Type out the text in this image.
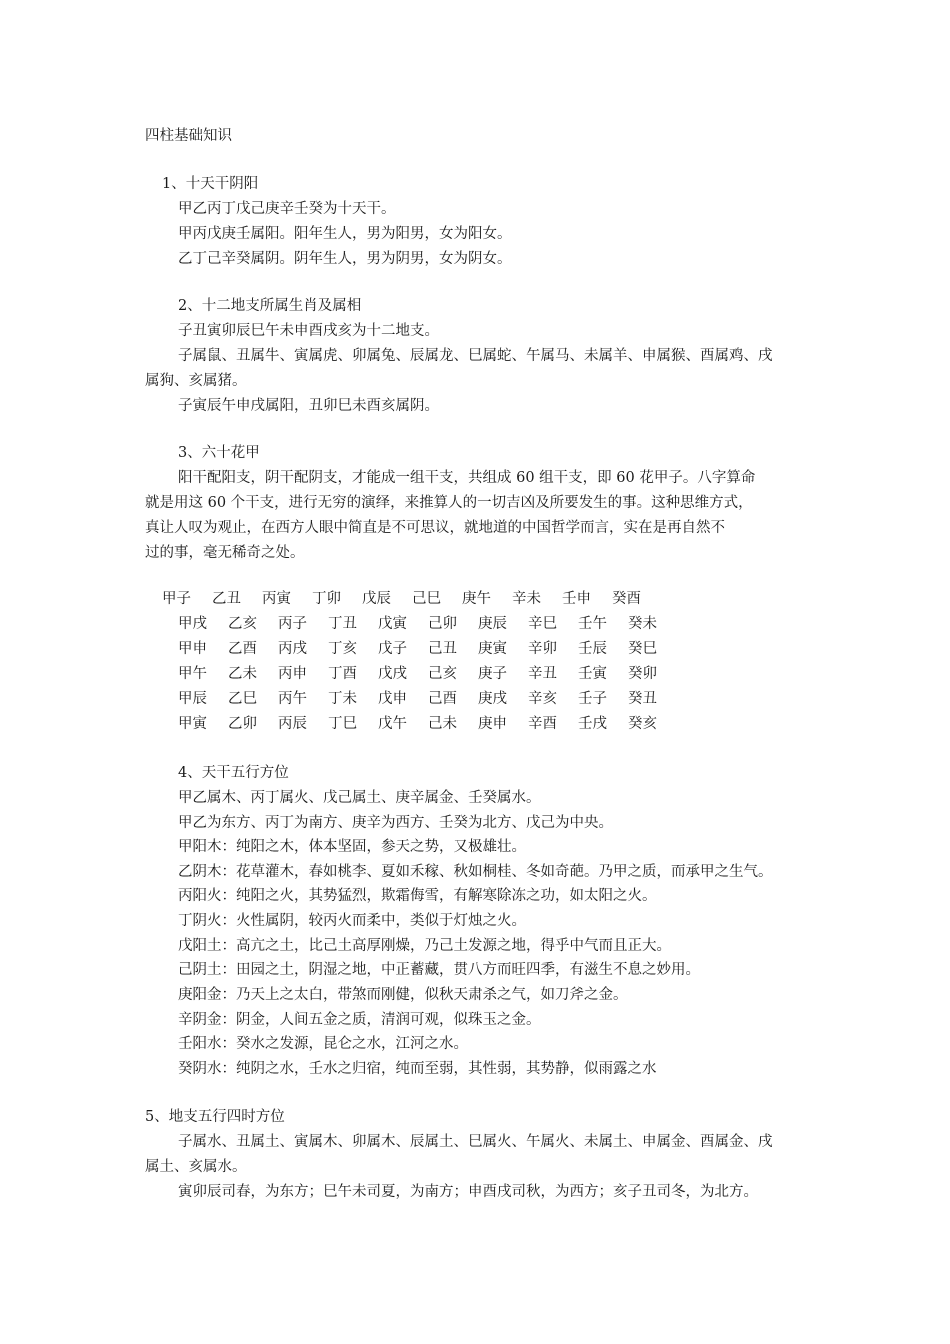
四柱基础知识
1、十天干阴阳
甲乙丙丁戊己庚辛壬癸为十天干。
甲丙戊庚壬属阳。阳年生人，男为阳男，女为阳女。
乙丁己辛癸属阴。阴年生人，男为阴男，女为阴女。
2、十二地支所属生肖及属相
子丑寅卯辰巳午未申酉戌亥为十二地支。
子属鼠、丑属牛、寅属虎、卯属兔、辰属龙、巳属蛇、午属马、未属羊、申属猴、酉属鸡、戌
属狗、亥属猪。
子寅辰午申戌属阳，丑卯巳未酉亥属阴。
3、六十花甲
阳干配阳支，阴干配阴支，才能成一组干支，共组成 60 组干支，即 60 花甲子。八字算命
就是用这 60 个干支，进行无穷的演绎，来推算人的一切吉凶及所要发生的事。这种思维方式，
真让人叹为观止，在西方人眼中简直是不可思议，就地道的中国哲学而言，实在是再自然不
过的事，毫无稀奇之处。
甲子 乙丑 丙寅 丁卯 戊辰 己巳 庚午 辛未 壬申 癸酉
甲戌 乙亥 丙子 丁丑 戊寅 己卯 庚辰 辛巳 壬午 癸未
甲申 乙酉 丙戌 丁亥 戊子 己丑 庚寅 辛卯 壬辰 癸巳
甲午 乙未 丙申 丁酉 戊戌 己亥 庚子 辛丑 壬寅 癸卯
甲辰 乙巳 丙午 丁未 戊申 己酉 庚戌 辛亥 壬子 癸丑
甲寅 乙卯 丙辰 丁巳 戊午 己未 庚申 辛酉 壬戌 癸亥
4、天干五行方位
甲乙属木、丙丁属火、戊己属土、庚辛属金、壬癸属水。
甲乙为东方、丙丁为南方、庚辛为西方、壬癸为北方、戊己为中央。
甲阳木：纯阳之木，体本坚固，参天之势，又极雄壮。
乙阴木：花草灌木，春如桃李、夏如禾稼、秋如桐桂、冬如奇葩。乃甲之质，而承甲之生气。
丙阳火：纯阳之火，其势猛烈，欺霜侮雪，有解寒除冻之功，如太阳之火。
丁阴火：火性属阴，较丙火而柔中，类似于灯烛之火。
戊阳土：高亢之土，比己土高厚刚燥，乃己土发源之地，得乎中气而且正大。
己阴土：田园之土，阴湿之地，中正蓄藏，贯八方而旺四季，有滋生不息之妙用。
庚阳金：乃天上之太白，带煞而刚健，似秋天肃杀之气，如刀斧之金。
辛阴金：阴金，人间五金之质，清润可观，似珠玉之金。
壬阳水：癸水之发源，昆仑之水，江河之水。
癸阴水：纯阴之水，壬水之归宿，纯而至弱，其性弱，其势静，似雨露之水
5、地支五行四时方位
子属水、丑属土、寅属木、卯属木、辰属土、巳属火、午属火、未属土、申属金、酉属金、戌
属土、亥属水。
寅卯辰司春，为东方；巳午未司夏，为南方；申酉戌司秋，为西方；亥子丑司冬，为北方。
